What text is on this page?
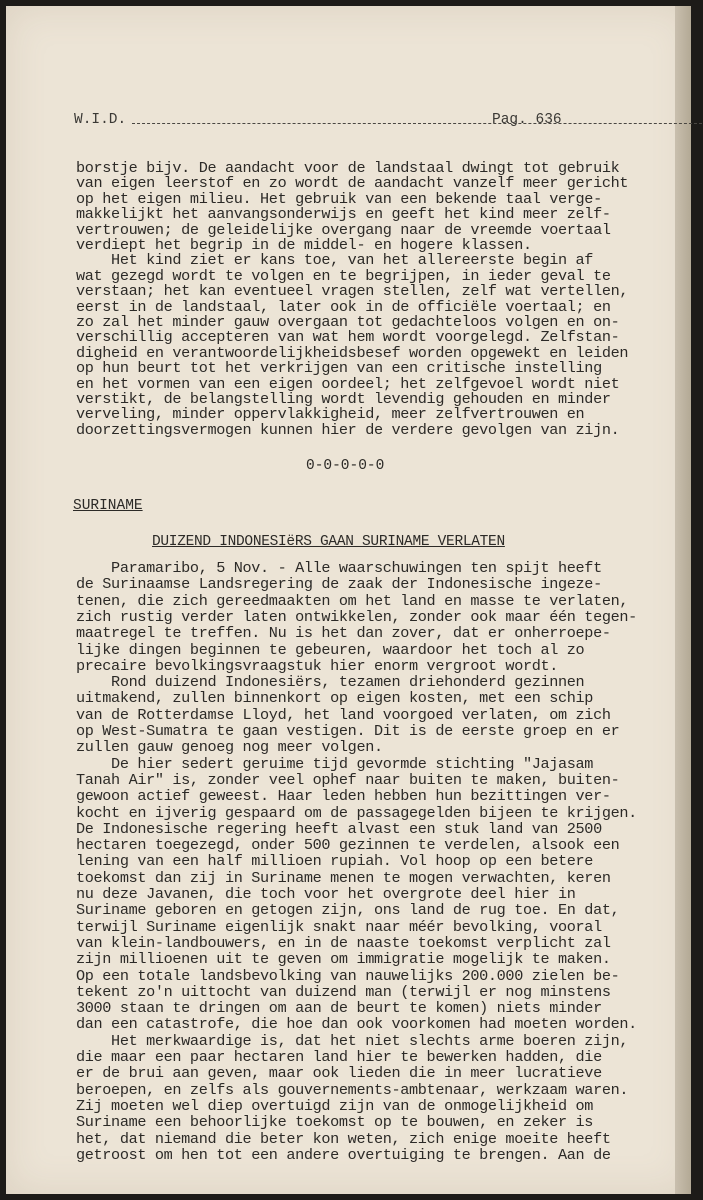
W.I.D.	Pag. 636
borstje bijv. De aandacht voor de landstaal dwingt tot gebruik
van eigen leerstof en zo wordt de aandacht vanzelf meer gericht
op het eigen milieu. Het gebruik van een bekende taal verge-
makkelijkt het aanvangsonderwijs en geeft het kind meer zelf-
vertrouwen; de geleidelijke overgang naar de vreemde voertaal
verdiept het begrip in de middel- en hogere klassen.
Het kind ziet er kans toe, van het allereerste begin af
wat gezegd wordt te volgen en te begrijpen, in ieder geval te
verstaan; het kan eventueel vragen stellen, zelf wat vertellen,
eerst in de landstaal, later ook in de officiële voertaal; en
zo zal het minder gauw overgaan tot gedachteloos volgen en on-
verschillig accepteren van wat hem wordt voorgelegd. Zelfstan-
digheid en verantwoordelijkheidsbesef worden opgewekt en leiden
op hun beurt tot het verkrijgen van een critische instelling
en het vormen van een eigen oordeel; het zelfgevoel wordt niet
verstikt, de belangstelling wordt levendig gehouden en minder
verveling, minder oppervlakkigheid, meer zelfvertrouwen en
doorzettingsvermogen kunnen hier de verdere gevolgen van zijn.
0-0-0-0-0
SURINAME
DUIZEND INDONESIëRS GAAN SURINAME VERLATEN
Paramaribo, 5 Nov. - Alle waarschuwingen ten spijt heeft
de Surinaamse Landsregering de zaak der Indonesische ingeze-
tenen, die zich gereedmaakten om het land en masse te verlaten,
zich rustig verder laten ontwikkelen, zonder ook maar één tegen-
maatregel te treffen. Nu is het dan zover, dat er onherroepe-
lijke dingen beginnen te gebeuren, waardoor het toch al zo
precaire bevolkingsvraagstuk hier enorm vergroot wordt.
Rond duizend Indonesiërs, tezamen driehonderd gezinnen
uitmakend, zullen binnenkort op eigen kosten, met een schip
van de Rotterdamse Lloyd, het land voorgoed verlaten, om zich
op West-Sumatra te gaan vestigen. Dit is de eerste groep en er
zullen gauw genoeg nog meer volgen.
De hier sedert geruime tijd gevormde stichting "Jajasam
Tanah Air" is, zonder veel ophef naar buiten te maken, buiten-
gewoon actief geweest. Haar leden hebben hun bezittingen ver-
kocht en ijverig gespaard om de passagegelden bijeen te krijgen.
De Indonesische regering heeft alvast een stuk land van 2500
hectaren toegezegd, onder 500 gezinnen te verdelen, alsook een
lening van een half millioen rupiah. Vol hoop op een betere
toekomst dan zij in Suriname menen te mogen verwachten, keren
nu deze Javanen, die toch voor het overgrote deel hier in
Suriname geboren en getogen zijn, ons land de rug toe. En dat,
terwijl Suriname eigenlijk snakt naar méér bevolking, vooral
van klein-landbouwers, en in de naaste toekomst verplicht zal
zijn millioenen uit te geven om immigratie mogelijk te maken.
Op een totale landsbevolking van nauwelijks 200.000 zielen be-
tekent zo'n uittocht van duizend man (terwijl er nog minstens
3000 staan te dringen om aan de beurt te komen) niets minder
dan een catastrofe, die hoe dan ook voorkomen had moeten worden.
Het merkwaardige is, dat het niet slechts arme boeren zijn,
die maar een paar hectaren land hier te bewerken hadden, die
er de brui aan geven, maar ook lieden die in meer lucratieve
beroepen, en zelfs als gouvernements-ambtenaar, werkzaam waren.
Zij moeten wel diep overtuigd zijn van de onmogelijkheid om
Suriname een behoorlijke toekomst op te bouwen, en zeker is
het, dat niemand die beter kon weten, zich enige moeite heeft
getroost om hen tot een andere overtuiging te brengen. Aan de
